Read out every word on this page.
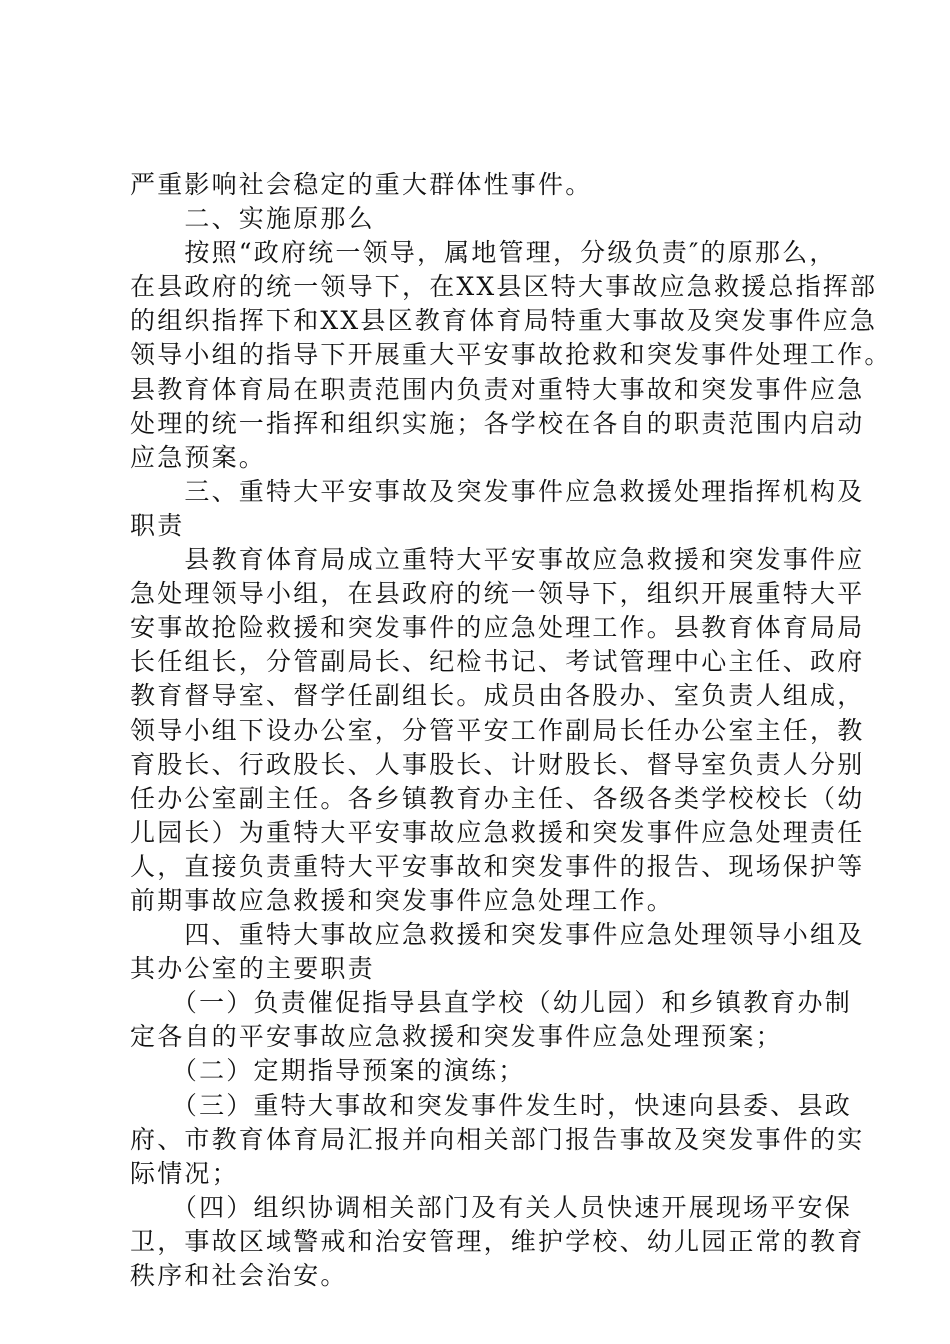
严重影响社会稳定的重大群体性事件。

　　二、实施原那么

　　按照“政府统一领导，属地管理，分级负责″的原那么，

在县政府的统一领导下，在XX县区特大事故应急救援总指挥部

的组织指挥下和XX县区教育体育局特重大事故及突发事件应急

领导小组的指导下开展重大平安事故抢救和突发事件处理工作。

县教育体育局在职责范围内负责对重特大事故和突发事件应急

处理的统一指挥和组织实施；各学校在各自的职责范围内启动

应急预案。

　　三、重特大平安事故及突发事件应急救援处理指挥机构及

职责

　　县教育体育局成立重特大平安事故应急救援和突发事件应

急处理领导小组，在县政府的统一领导下，组织开展重特大平

安事故抢险救援和突发事件的应急处理工作。县教育体育局局

长任组长，分管副局长、纪检书记、考试管理中心主任、政府

教育督导室、督学任副组长。成员由各股办、室负责人组成，

领导小组下设办公室，分管平安工作副局长任办公室主任，教

育股长、行政股长、人事股长、计财股长、督导室负责人分别

任办公室副主任。各乡镇教育办主任、各级各类学校校长（幼

儿园长）为重特大平安事故应急救援和突发事件应急处理责任

人，直接负责重特大平安事故和突发事件的报告、现场保护等

前期事故应急救援和突发事件应急处理工作。

　　四、重特大事故应急救援和突发事件应急处理领导小组及

其办公室的主要职责

　　（一）负责催促指导县直学校（幼儿园）和乡镇教育办制

定各自的平安事故应急救援和突发事件应急处理预案；

　　（二）定期指导预案的演练；

　　（三）重特大事故和突发事件发生时，快速向县委、县政

府、市教育体育局汇报并向相关部门报告事故及突发事件的实

际情况；

　　（四）组织协调相关部门及有关人员快速开展现场平安保

卫，事故区域警戒和治安管理，维护学校、幼儿园正常的教育

秩序和社会治安。
